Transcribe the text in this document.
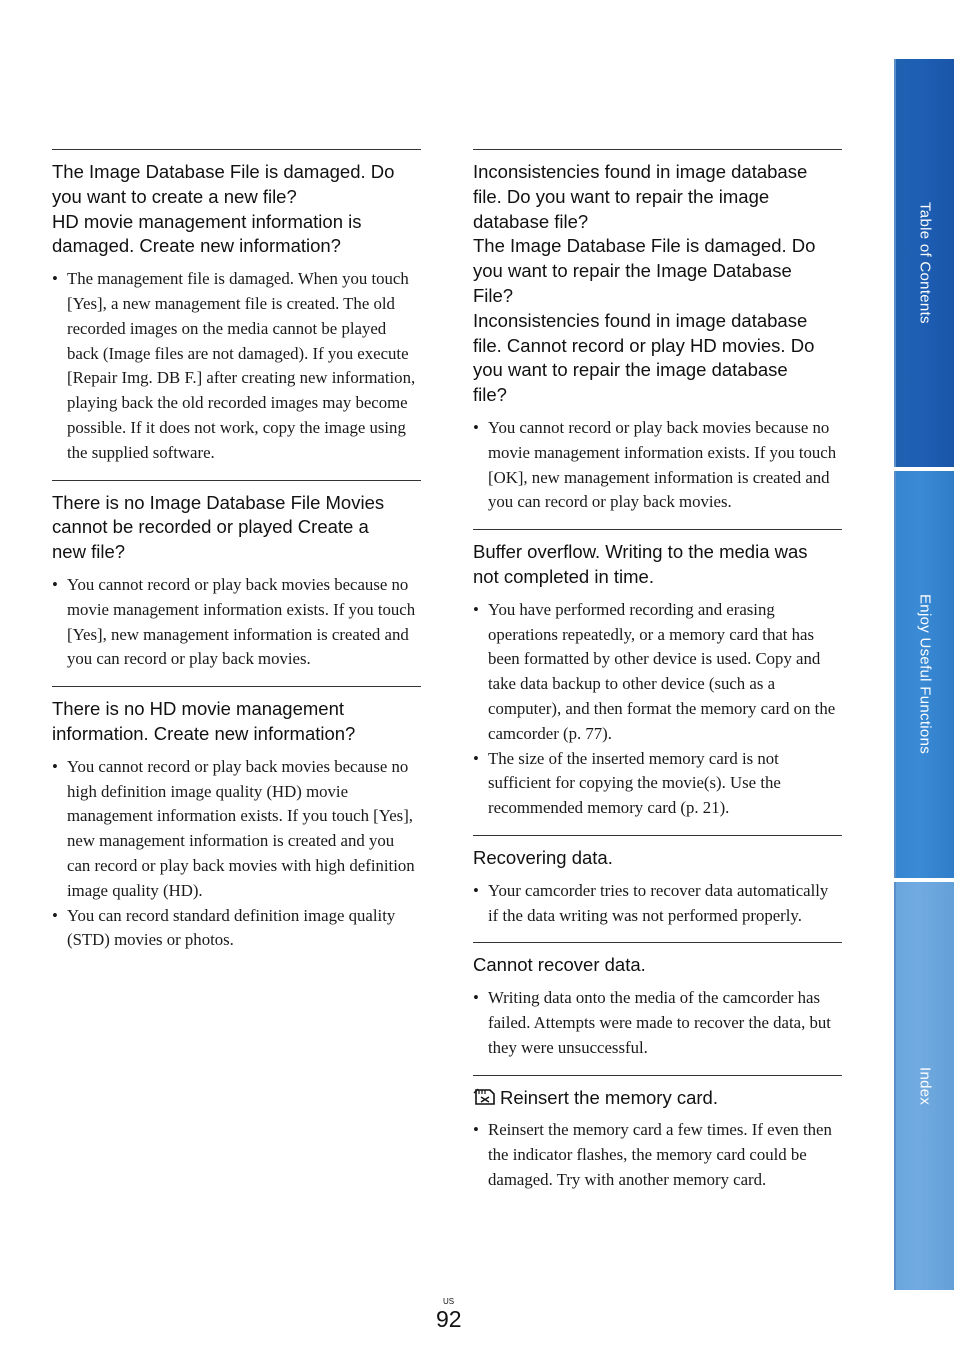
The Image Database File is damaged. Do
you want to create a new file?
HD movie management information is
damaged. Create new information?
• The management file is damaged. When you touch [Yes], a new management file is created. The old recorded images on the media cannot be played back (Image files are not damaged). If you execute [Repair Img. DB F.] after creating new information, playing back the old recorded images may become possible. If it does not work, copy the image using the supplied software.
There is no Image Database File Movies
cannot be recorded or played Create a
new file?
• You cannot record or play back movies because no movie management information exists. If you touch [Yes], new management information is created and you can record or play back movies.
There is no HD movie management
information. Create new information?
• You cannot record or play back movies because no high definition image quality (HD) movie management information exists. If you touch [Yes], new management information is created and you can record or play back movies with high definition image quality (HD).
• You can record standard definition image quality (STD) movies or photos.
Inconsistencies found in image database
file. Do you want to repair the image
database file?
The Image Database File is damaged. Do
you want to repair the Image Database
File?
Inconsistencies found in image database
file. Cannot record or play HD movies. Do
you want to repair the image database
file?
• You cannot record or play back movies because no movie management information exists. If you touch [OK], new management information is created and you can record or play back movies.
Buffer overflow. Writing to the media was
not completed in time.
• You have performed recording and erasing operations repeatedly, or a memory card that has been formatted by other device is used. Copy and take data backup to other device (such as a computer), and then format the memory card on the camcorder (p. 77).
• The size of the inserted memory card is not sufficient for copying the movie(s). Use the recommended memory card (p. 21).
Recovering data.
• Your camcorder tries to recover data automatically if the data writing was not performed properly.
Cannot recover data.
• Writing data onto the media of the camcorder has failed. Attempts were made to recover the data, but they were unsuccessful.
Reinsert the memory card.
• Reinsert the memory card a few times. If even then the indicator flashes, the memory card could be damaged. Try with another memory card.
Table of Contents
Enjoy Useful Functions
Index
US
92
